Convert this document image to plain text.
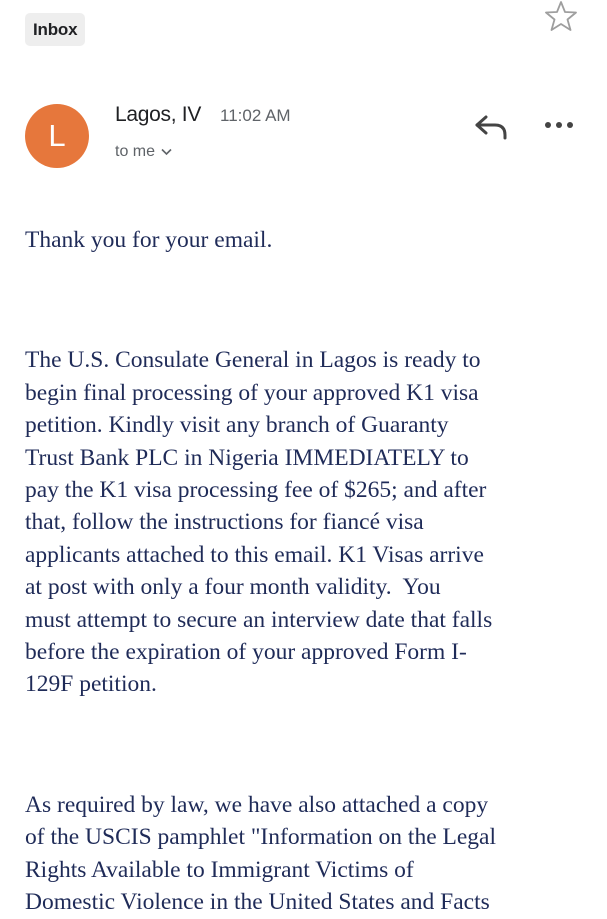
Inbox
L
Lagos, IV 11:02 AM
to me

Thank you for your email.

The U.S. Consulate General in Lagos is ready to
begin final processing of your approved K1 visa
petition. Kindly visit any branch of Guaranty
Trust Bank PLC in Nigeria IMMEDIATELY to
pay the K1 visa processing fee of $265; and after
that, follow the instructions for fiancé visa
applicants attached to this email. K1 Visas arrive
at post with only a four month validity.  You
must attempt to secure an interview date that falls
before the expiration of your approved Form I-
129F petition.

As required by law, we have also attached a copy
of the USCIS pamphlet "Information on the Legal
Rights Available to Immigrant Victims of
Domestic Violence in the United States and Facts
